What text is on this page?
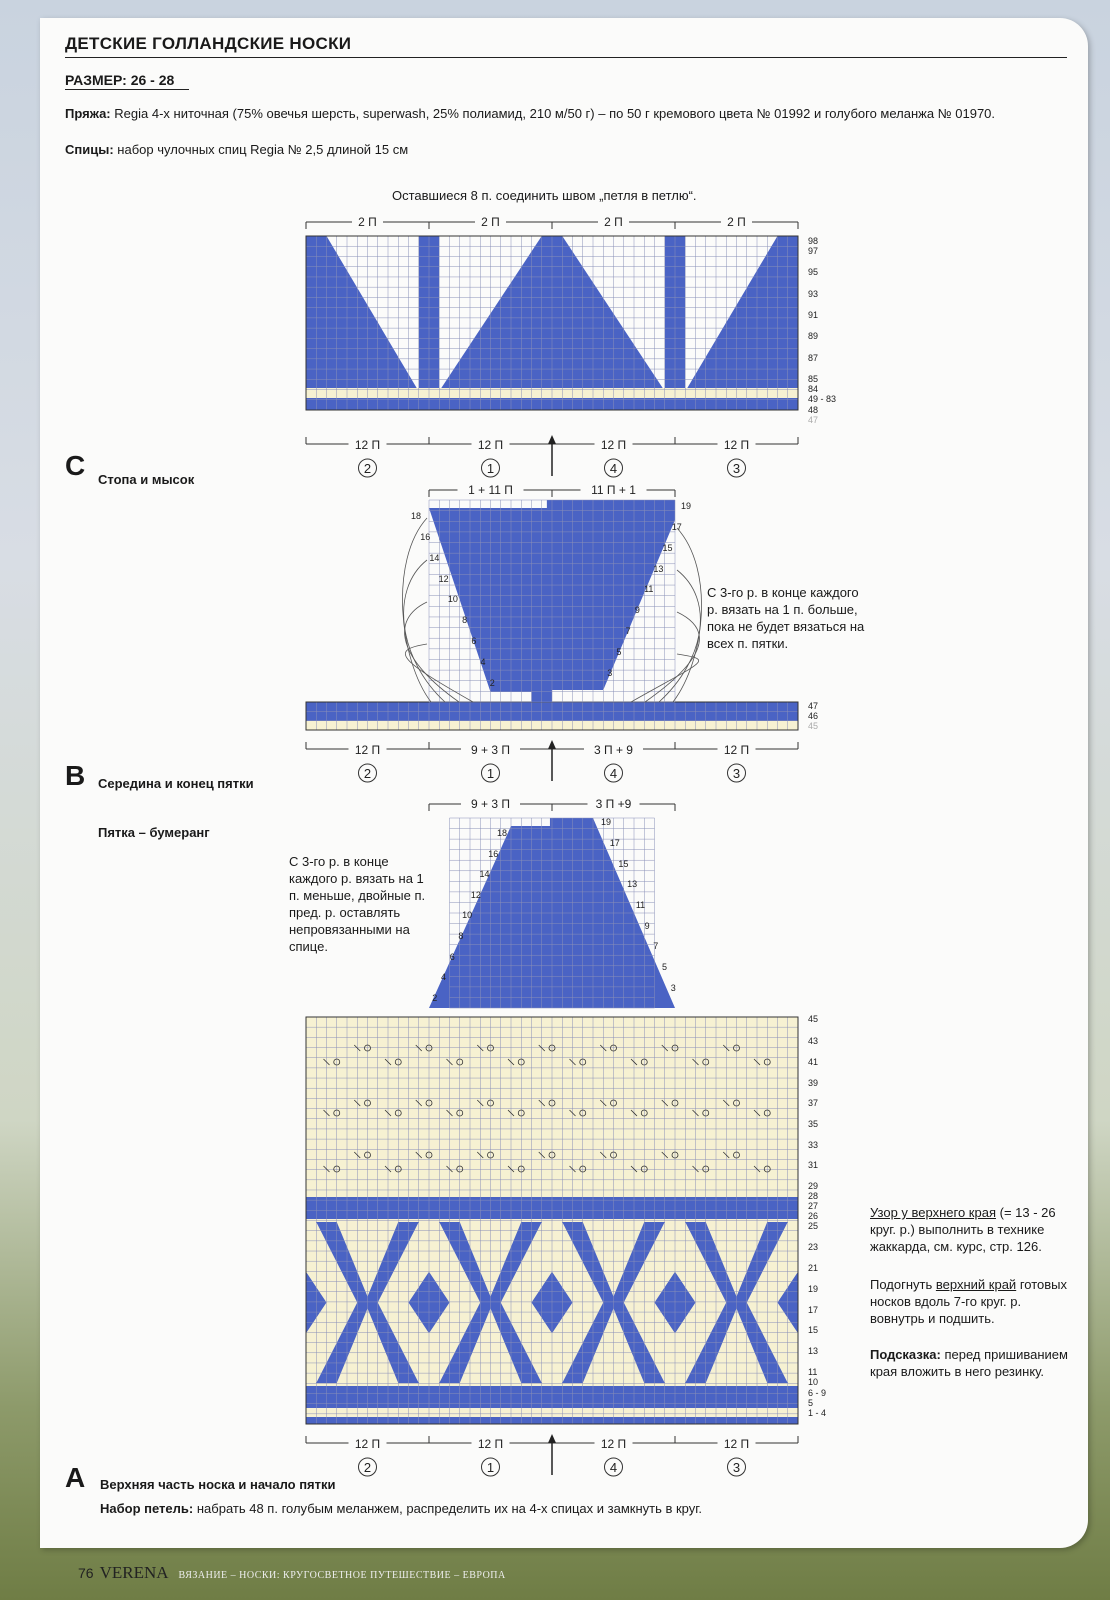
ДЕТСКИЕ ГОЛЛАНДСКИЕ НОСКИ
РАЗМЕР: 26 - 28
Пряжа: Regia 4-х ниточная (75% овечья шерсть, superwash, 25% полиамид, 210 м/50 г) – по 50 г кремового цвета № 01992 и голубого меланжа № 01970.
Спицы: набор чулочных спиц Regia № 2,5 длиной 15 см
Оставшиеся 8 п. соединить швом „петля в петлю“.
C Стопа и мысок
С 3-го р. в конце каждого р. вязать на 1 п. больше, пока не будет вязаться на всех п. пятки.
B Середина и конец пятки
Пятка – бумеранг
С 3-го р. в конце каждого р. вязать на 1 п. меньше, двойные п. пред. р. оставлять непровязанными на спице.
Узор у верхнего края (= 13 - 26 круг. р.) выполнить в технике жаккарда, см. курс, стр. 126.
Подогнуть верхний край готовых носков вдоль 7-го круг. р. вовнутрь и подшить.
Подсказка: перед пришиванием края вложить в него резинку.
A Верхняя часть носка и начало пятки
Набор петель: набрать 48 п. голубым меланжем, распределить их на 4-х спицах и замкнуть в круг.
76 VERENA ВЯЗАНИЕ – НОСКИ: КРУГОСВЕТНОЕ ПУТЕШЕСТВИЕ – ЕВРОПА
2 П	2 П	2 П	2 П
98
97
95
93
91
89
87
85
84
49 - 83
48
47
12 П
2
12 П
1
12 П
4
12 П
3
1 + 11 П	11 П + 1
18
16
14
12
10
8
6
4
2
19
17
15
13
11
9
7
5
3
47
46
45
12 П
2
9 + 3 П
1
3 П + 9
4
12 П
3
9 + 3 П	3 П +9
18
16
14
12
10
8
6
4
2
19
17
15
13
11
9
7
5
3
45
43
41
39
37
35
33
31
29
28
27
26
25
23
21
19
17
15
13
11
10
6 - 9
5
1 - 4
12 П
2
12 П
1
12 П
4
12 П
3
